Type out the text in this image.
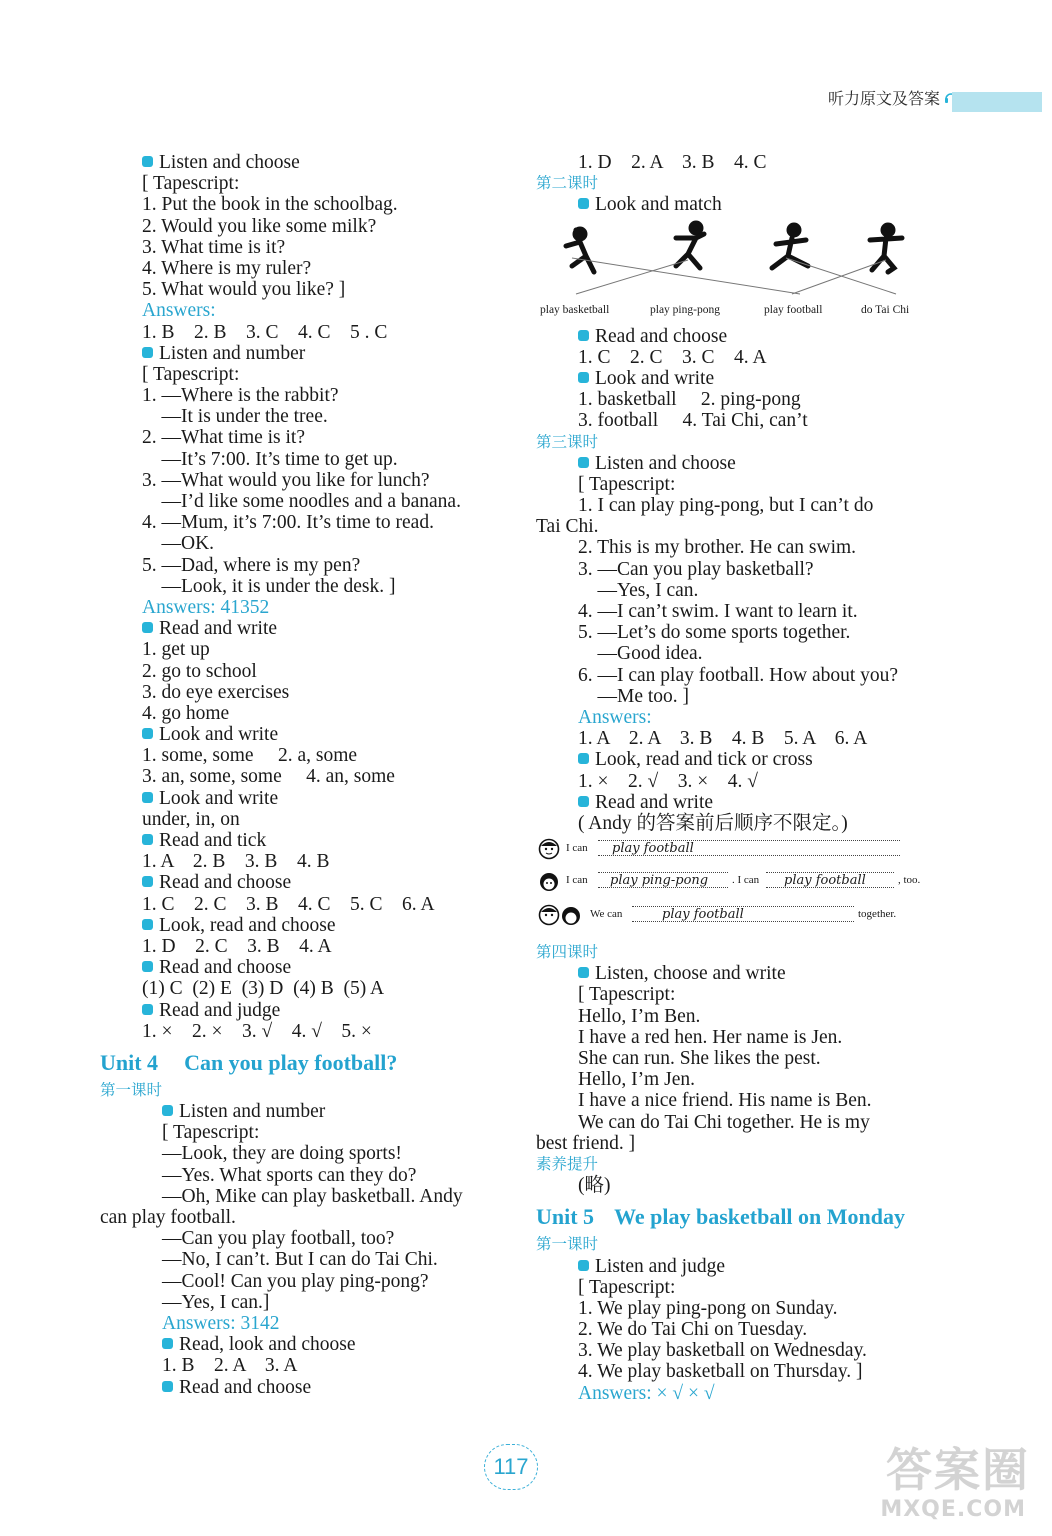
听力原文及答案
Listen and choose
[ Tapescript:
1. Put the book in the schoolbag.
2. Would you like some milk?
3. What time is it?
4. Where is my ruler?
5. What would you like? ]
Answers:
1. B    2. B    3. C    4. C    5 . C
Listen and number
[ Tapescript:
1. —Where is the rabbit?
—It is under the tree.
2. —What time is it?
—It’s 7:00. It’s time to get up.
3. —What would you like for lunch?
—I’d like some noodles and a banana.
4. —Mum, it’s 7:00. It’s time to read.
—OK.
5. —Dad, where is my pen?
—Look, it is under the desk. ]
Answers: 41352
Read and write
1. get up
2. go to school
3. do eye exercises
4. go home
Look and write
1. some, some     2. a, some
3. an, some, some     4. an, some
Look and write
under, in, on
Read and tick
1. A    2. B    3. B    4. B
Read and choose
1. C    2. C    3. B    4. C    5. C    6. A
Look, read and choose
1. D    2. C    3. B    4. A
Read and choose
(1) C  (2) E  (3) D  (4) B  (5) A
Read and judge
1. ×    2. ×    3. √    4. √    5. ×
Unit 4 Can you play football?
第一课时
Listen and number
[ Tapescript:
—Look, they are doing sports!
—Yes. What sports can they do?
—Oh, Mike can play basketball. Andy
can play football.
—Can you play football, too?
—No, I can’t. But I can do Tai Chi.
—Cool! Can you play ping-pong?
—Yes, I can.]
Answers: 3142
Read, look and choose
1. B    2. A    3. A
Read and choose
1. D    2. A    3. B    4. C
第二课时
Look and match
play basketball	play ping-pong	play football	do Tai Chi
Read and choose
1. C    2. C    3. C    4. A
Look and write
1. basketball     2. ping-pong
3. football     4. Tai Chi, can’t
第三课时
Listen and choose
[ Tapescript:
1. I can play ping-pong, but I can’t do
Tai Chi.
2. This is my brother. He can swim.
3. —Can you play basketball?
—Yes, I can.
4. —I can’t swim. I want to learn it.
5. —Let’s do some sports together.
—Good idea.
6. —I can play football. How about you?
—Me too. ]
Answers:
1. A    2. A    3. B    4. B    5. A    6. A
Look, read and tick or cross
1. ×    2. √    3. ×    4. √
Read and write
( Andy 的答案前后顺序不限定。)
I can	play football
I can	play ping-pong	. I can	play football	, too.
We can	play football	together.
第四课时
Listen, choose and write
[ Tapescript:
Hello, I’m Ben.
I have a red hen. Her name is Jen.
She can run. She likes the pest.
Hello, I’m Jen.
I have a nice friend. His name is Ben.
We can do Tai Chi together. He is my
best friend. ]
素养提升
(略)
Unit 5 We play basketball on Monday
第一课时
Listen and judge
[ Tapescript:
1. We play ping-pong on Sunday.
2. We do Tai Chi on Tuesday.
3. We play basketball on Wednesday.
4. We play basketball on Thursday. ]
Answers: × √ × √
117	答案圈
MXQE.COM
